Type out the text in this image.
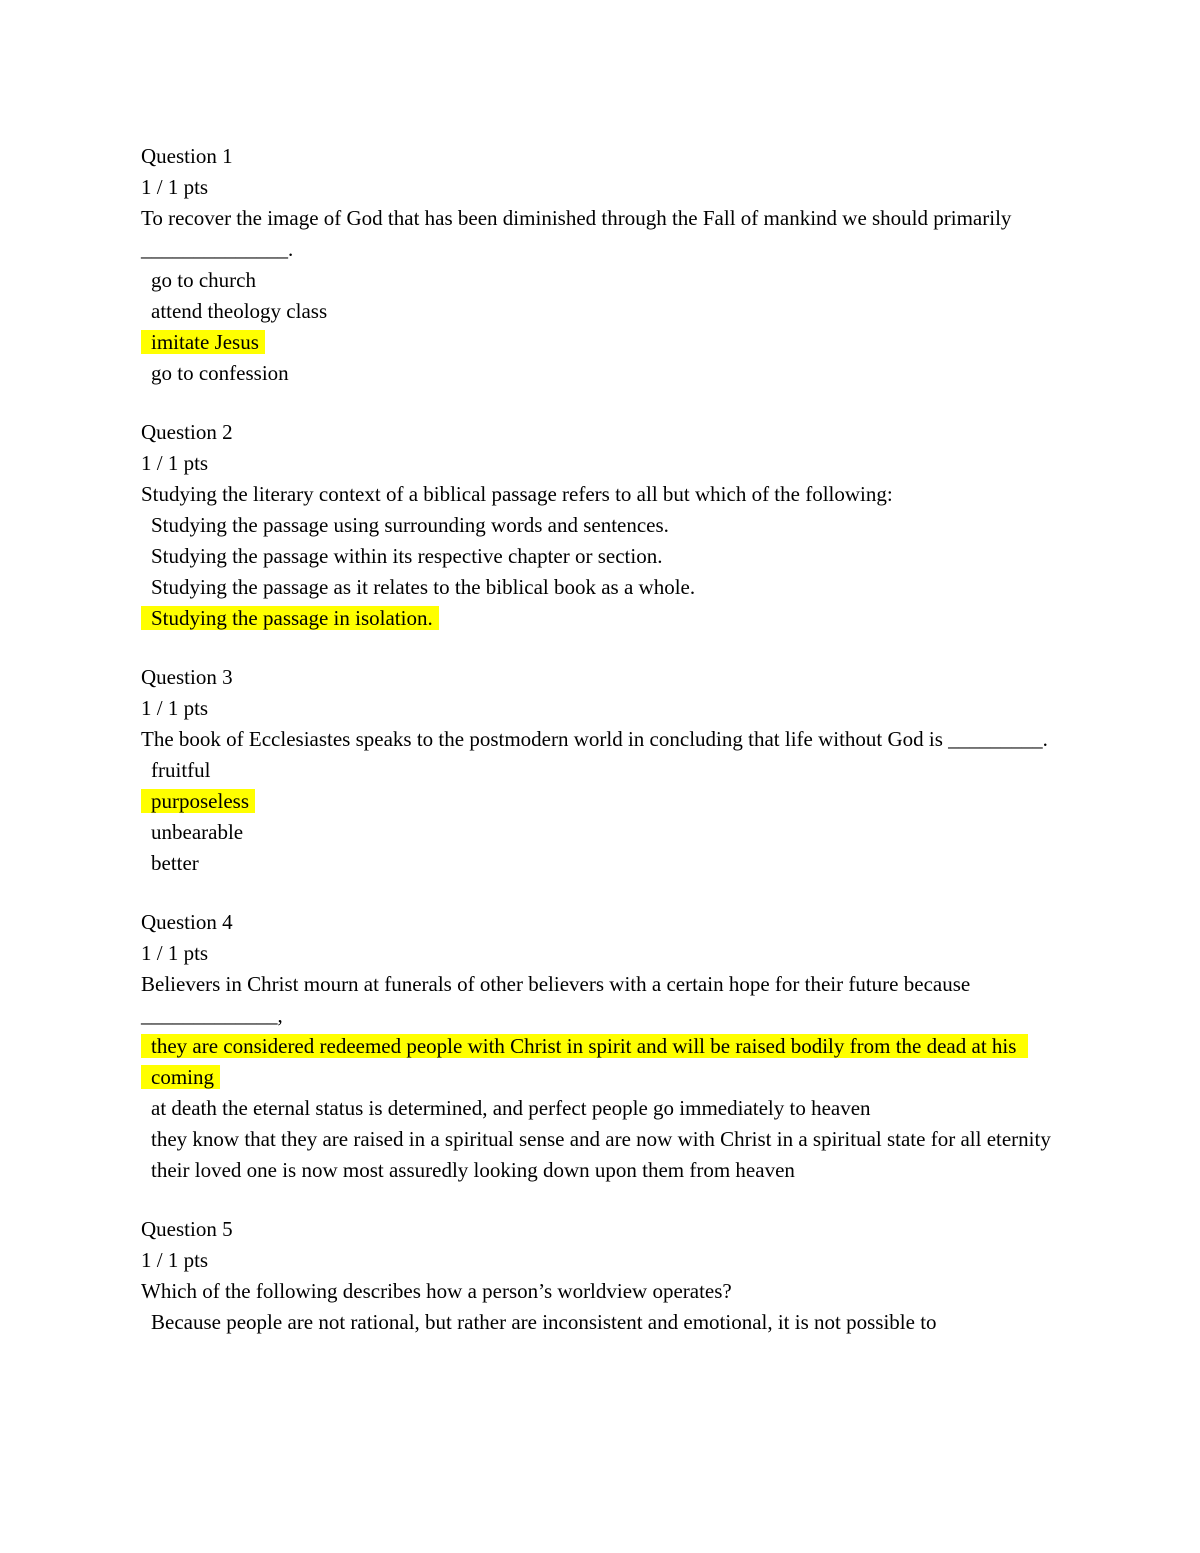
Question 1
1 / 1 pts
To recover the image of God that has been diminished through the Fall of mankind we should primarily ______________.
go to church
attend theology class
imitate Jesus
go to confession
Question 2
1 / 1 pts
Studying the literary context of a biblical passage refers to all but which of the following:
Studying the passage using surrounding words and sentences.
Studying the passage within its respective chapter or section.
Studying the passage as it relates to the biblical book as a whole.
Studying the passage in isolation.
Question 3
1 / 1 pts
The book of Ecclesiastes speaks to the postmodern world in concluding that life without God is _________.
fruitful
purposeless
unbearable
better
Question 4
1 / 1 pts
Believers in Christ mourn at funerals of other believers with a certain hope for their future because _____________,
they are considered redeemed people with Christ in spirit and will be raised bodily from the dead at his coming
at death the eternal status is determined, and perfect people go immediately to heaven
they know that they are raised in a spiritual sense and are now with Christ in a spiritual state for all eternity
their loved one is now most assuredly looking down upon them from heaven
Question 5
1 / 1 pts
Which of the following describes how a person’s worldview operates?
Because people are not rational, but rather are inconsistent and emotional, it is not possible to
